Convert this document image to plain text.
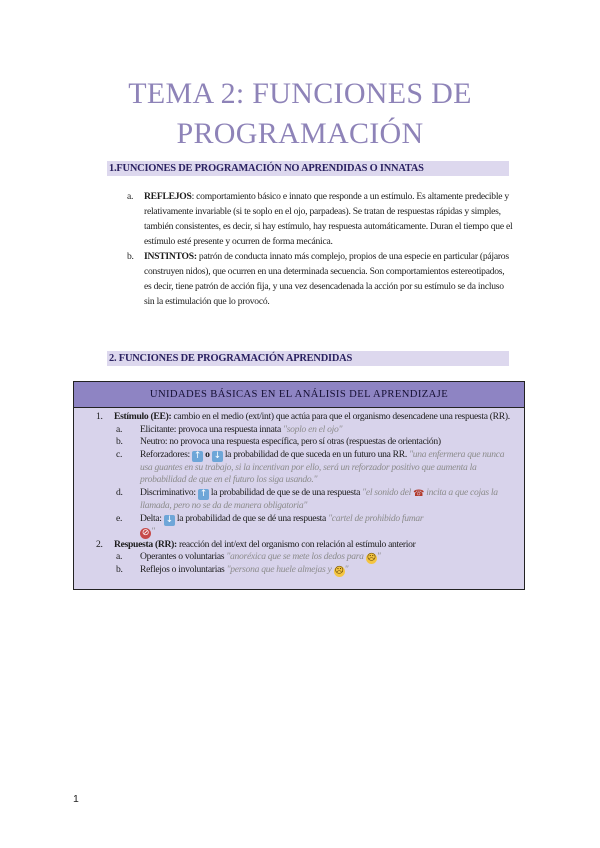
TEMA 2: FUNCIONES DE
PROGRAMACIÓN
1.FUNCIONES DE PROGRAMACIÓN NO APRENDIDAS O INNATAS
a. REFLEJOS: comportamiento básico e innato que responde a un estímulo. Es altamente predecible y relativamente invariable (si te soplo en el ojo, parpadeas). Se tratan de respuestas rápidas y simples, también consistentes, es decir, si hay estímulo, hay respuesta automáticamente. Duran el tiempo que el estímulo esté presente y ocurren de forma mecánica.
b. INSTINTOS: patrón de conducta innato más complejo, propios de una especie en particular (pájaros construyen nidos), que ocurren en una determinada secuencia. Son comportamientos estereotipados, es decir, tiene patrón de acción fija, y una vez desencadenada la acción por su estímulo se da incluso sin la estimulación que lo provocó.
2. FUNCIONES DE PROGRAMACIÓN APRENDIDAS
UNIDADES BÁSICAS EN EL ANÁLISIS DEL APRENDIZAJE
1. Estímulo (EE): cambio en el medio (ext/int) que actúa para que el organismo desencadene una respuesta (RR).
a. Elicitante: provoca una respuesta innata "soplo en el ojo"
b. Neutro: no provoca una respuesta específica, pero sí otras (respuestas de orientación)
c. Reforzadores: ↑ o ↓ la probabilidad de que suceda en un futuro una RR. "una enfermera que nunca usa guantes en su trabajo, si la incentivan por ello, será un reforzador positivo que aumenta la probabilidad de que en el futuro los siga usando."
d. Discriminativo: ↑ la probabilidad de que se de una respuesta "el sonido del ☎ incita a que cojas la llamada, pero no se da de manera obligatoria"
e. Delta: ↓ la probabilidad de que se dé una respuesta "cartel de prohibido fumar
⊘ "
2. Respuesta (RR): reacción del int/ext del organismo con relación al estímulo anterior
a. Operantes o voluntarias "anoréxica que se mete los dedos para ☹"
b. Reflejos o involuntarias "persona que huele almejas y ☹"
1
